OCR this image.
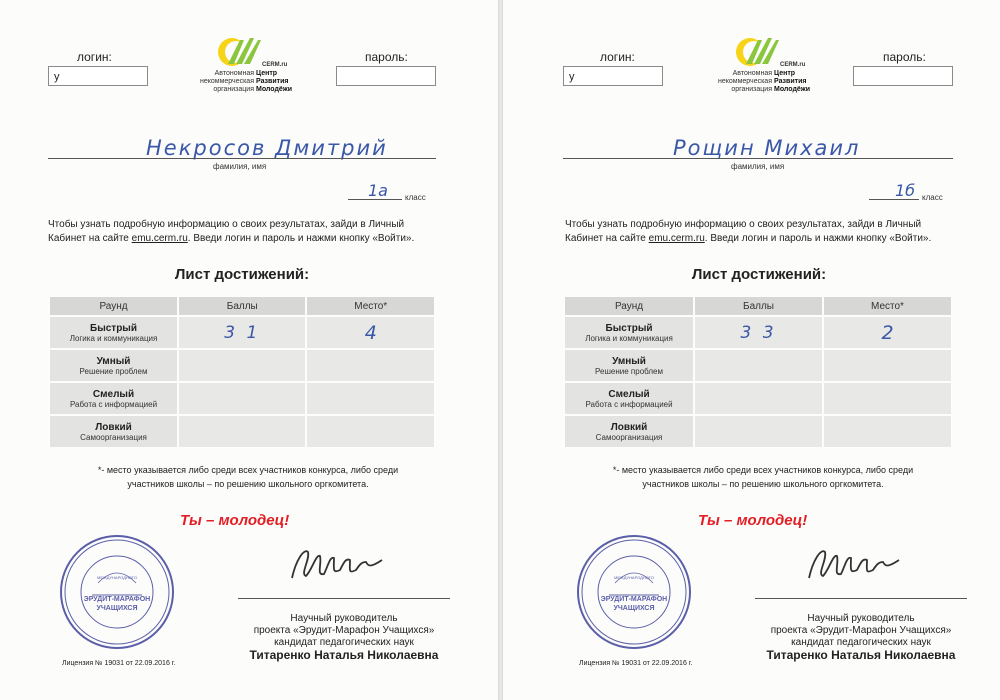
логин:
у
пароль:
CERM.ru
Автономная
некоммерческая
организация
Центр
Развития
Молодёжи
Некросов Дмитрий
фамилия, имя
1а класс
Чтобы узнать подробную информацию о своих результатах, зайди в Личный
Кабинет на сайте emu.cerm.ru. Введи логин и пароль и нажми кнопку «Войти».
Лист достижений:
Раунд	Баллы	Место*

Быстрый
Логика и коммуникация	3 1	4

Умный
Решение проблем		

Смелый
Работа с информацией		

Ловкий
Самоорганизация		

*- место указывается либо среди всех участников конкурса, либо среди
участников школы – по решению школьного оргкомитета.
Ты – молодец!
ЭРУДИТ-МАРАФОН
УЧАЩИХСЯ
МЕЖДУНАРОДНОГО
Научный руководитель
проекта «Эрудит-Марафон Учащихся»
кандидат педагогических наук
Титаренко Наталья Николаевна
Лицензия № 19031 от 22.09.2016 г.
логин:
у
пароль:
CERM.ru
Автономная
некоммерческая
организация
Центр
Развития
Молодёжи
Рощин Михаил
фамилия, имя
1б класс
Чтобы узнать подробную информацию о своих результатах, зайди в Личный
Кабинет на сайте emu.cerm.ru. Введи логин и пароль и нажми кнопку «Войти».
Лист достижений:
Раунд	Баллы	Место*

Быстрый
Логика и коммуникация	3 3	2

Умный
Решение проблем		

Смелый
Работа с информацией		

Ловкий
Самоорганизация		

*- место указывается либо среди всех участников конкурса, либо среди
участников школы – по решению школьного оргкомитета.
Ты – молодец!
ЭРУДИТ-МАРАФОН
УЧАЩИХСЯ
МЕЖДУНАРОДНОГО
Научный руководитель
проекта «Эрудит-Марафон Учащихся»
кандидат педагогических наук
Титаренко Наталья Николаевна
Лицензия № 19031 от 22.09.2016 г.
